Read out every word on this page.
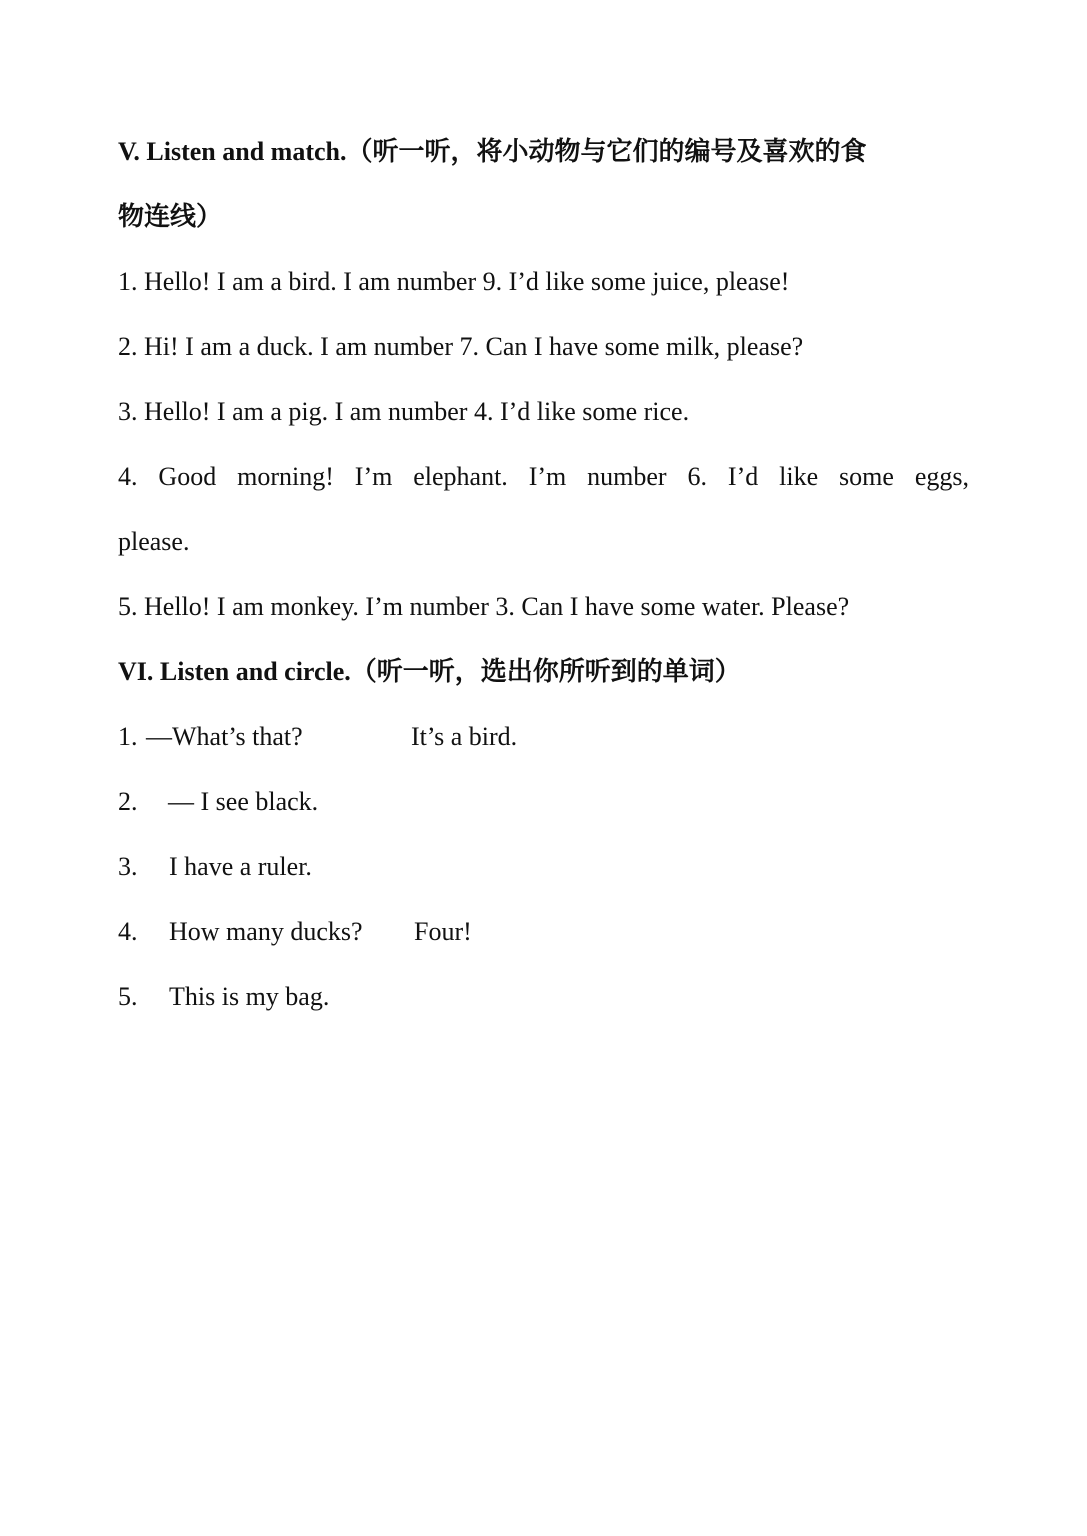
V. Listen and match.（听一听，将小动物与它们的编号及喜欢的食
物连线）
1. Hello! I am a bird. I am number 9. I’d like some juice, please!
2. Hi! I am a duck. I am number 7. Can I have some milk, please?
3. Hello! I am a pig. I am number 4. I’d like some rice.
4. Good morning! I’m elephant. I’m number 6. I’d like some eggs,
please.
5. Hello! I am monkey. I’m number 3. Can I have some water. Please?
VI. Listen and circle.（听一听，选出你所听到的单词）

1.

—What’s that?

	It’s a bird.

2.

— I see black.

3.

I have a ruler.

4.

How many ducks?

Four!

5.

This is my bag.
